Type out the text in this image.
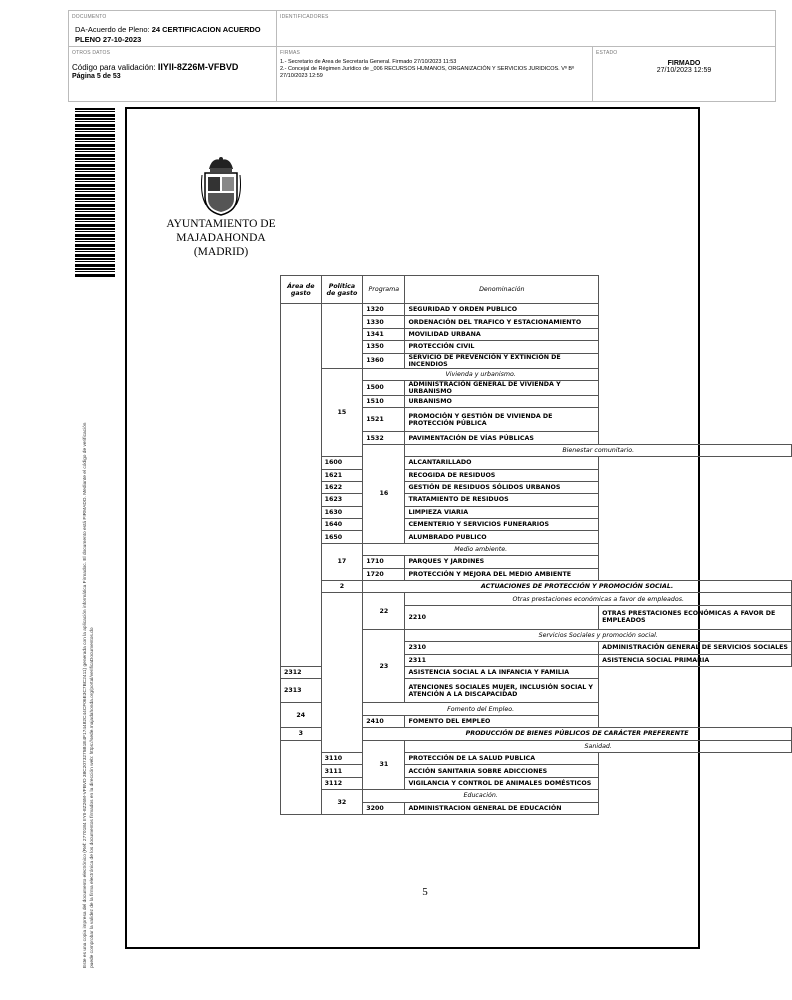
DOCUMENTO
DA-Acuerdo de Pleno: 24 CERTIFICACION ACUERDO PLENO 27-10-2023
IDENTIFICADORES
OTROS DATOS
Código para validación: IIYII-8Z26M-VFBVD
Página 5 de 53
FIRMAS
1.- Secretario de Area de Secretaría General. Firmado 27/10/2023 11:53
2.- Concejal de Régimen Jurídico de _006 RECURSOS HUMANOS, ORGANIZACIÓN Y SERVICIOS JURIDICOS. Vº Bº 27/10/2023 12:59
ESTADO
FIRMADO
27/10/2023 12:59
Este es una copia impresa del documento electrónico (Ref: 2770184 IIYII-8Z26M-VFBVD 38C2073275B1E4F174482C44CF06E3C7BC2411) generada con la aplicación informática Firmadoc. El documento está FIRMADO. Mediante el código de verificación puede comprobar la validez de la firma electrónica de los documentos firmados en la dirección web: https://sede.majadahonda.org/portal/verificaDocumentos.do
AYUNTAMIENTO DE
MAJADAHONDA
(MADRID)
Área de gasto	Política de gasto	Programa	Denominación	
		1320	SEGURIDAD Y ORDEN PUBLICO	
		1330	ORDENACIÓN DEL TRAFICO Y ESTACIONAMIENTO	
		1341	MOVILIDAD URBANA	
		1350	PROTECCIÓN CIVIL	
		1360	SERVICIO DE PREVENCIÓN Y EXTINCIÓN DE INCENDIOS	
	15	Vivienda y urbanismo.		
		1500	ADMINISTRACIÓN GENERAL DE VIVIENDA Y URBANISMO	
		1510	URBANISMO	
		1521	PROMOCIÓN Y GESTIÓN DE VIVIENDA DE PROTECCIÓN PÚBLICA	
		1532	PAVIMENTACIÓN DE VÍAS PÚBLICAS	
		16	Bienestar comunitario.	
	1600		ALCANTARILLADO	
	1621		RECOGIDA DE RESIDUOS	
	1622		GESTIÓN DE RESIDUOS SÓLIDOS URBANOS	
	1623		TRATAMIENTO DE RESIDUOS	
	1630		LIMPIEZA VIARIA	
	1640		CEMENTERIO Y SERVICIOS FUNERARIOS	
	1650		ALUMBRADO PUBLICO	
	17	Medio ambiente.		
		1710	PARQUES Y JARDINES	
		1720	PROTECCIÓN Y MEJORA DEL MEDIO AMBIENTE	
	2	ACTUACIONES DE PROTECCIÓN Y PROMOCIÓN SOCIAL.		
		22	Otras prestaciones económicas a favor de empleados.	
			2210	OTRAS PRESTACIONES ECONÓMICAS A FAVOR DE EMPLEADOS
		23	Servicios Sociales y promoción social.	
			2310	ADMINISTRACIÓN GENERAL DE SERVICIOS SOCIALES
			2311	ASISTENCIA SOCIAL PRIMARIA
2312			ASISTENCIA SOCIAL A LA INFANCIA Y FAMILIA	
2313			ATENCIONES SOCIALES MUJER, INCLUSIÓN SOCIAL Y ATENCIÓN A LA DISCAPACIDAD	
24		Fomento del Empleo.		
		2410	FOMENTO DEL EMPLEO	
3		PRODUCCIÓN DE BIENES PÚBLICOS DE CARÁCTER PREFERENTE		
		31	Sanidad.	
	3110		PROTECCIÓN DE LA SALUD PUBLICA	
	3111		ACCIÓN SANITARIA SOBRE ADICCIONES	
	3112		VIGILANCIA Y CONTROL DE ANIMALES DOMÉSTICOS	
	32	Educación.		
		3200	ADMINISTRACION GENERAL DE EDUCACIÓN	
5
